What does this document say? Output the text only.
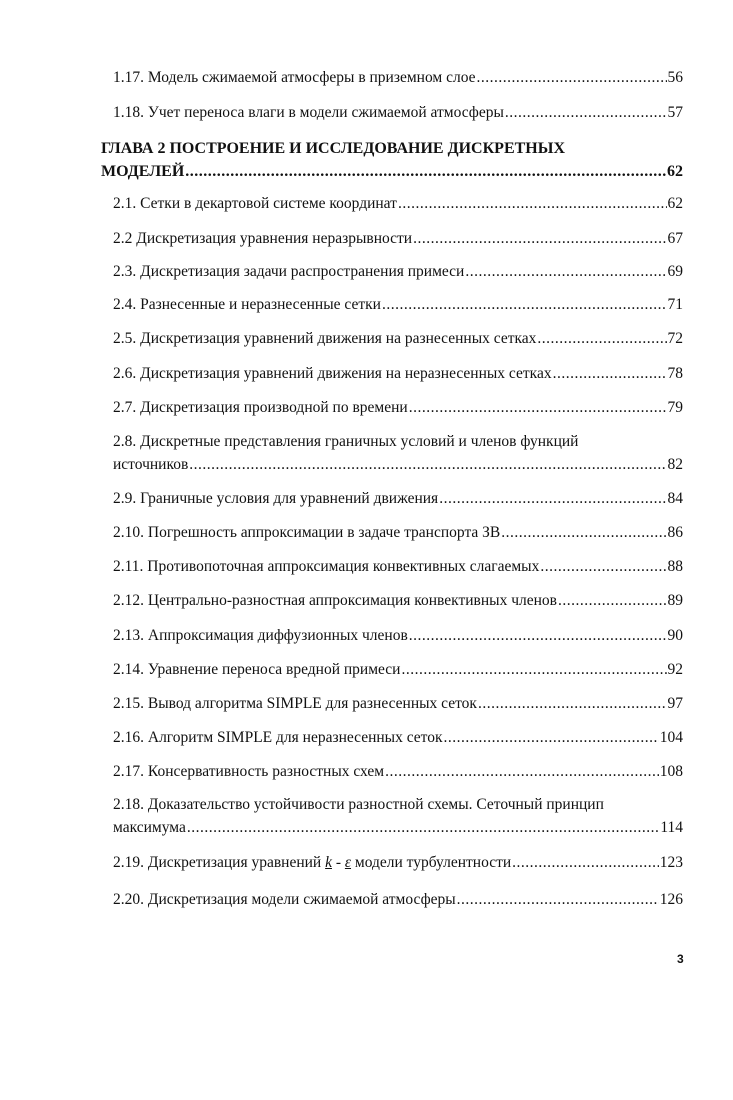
1.17. Модель сжимаемой атмосферы в приземном слое .....	56
1.18. Учет переноса влаги в модели сжимаемой атмосферы .....	57
ГЛАВА 2 ПОСТРОЕНИЕ И ИССЛЕДОВАНИЕ ДИСКРЕТНЫХ
МОДЕЛЕЙ .....	62
2.1. Сетки в декартовой системе координат .....	62
2.2 Дискретизация уравнения неразрывности .....	67
2.3. Дискретизация задачи распространения примеси .....	69
2.4. Разнесенные и неразнесенные сетки .....	71
2.5. Дискретизация уравнений движения на разнесенных сетках .....	72
2.6. Дискретизация уравнений движения на неразнесенных сетках .....	78
2.7. Дискретизация производной по времени .....	79
2.8. Дискретные представления граничных условий и членов функций
источников .....	82
2.9. Граничные условия для уравнений движения .....	84
2.10. Погрешность аппроксимации в задаче транспорта ЗВ .....	86
2.11. Противопоточная аппроксимация конвективных слагаемых .....	88
2.12. Центрально-разностная аппроксимация конвективных членов .....	89
2.13. Аппроксимация диффузионных членов .....	90
2.14. Уравнение переноса вредной примеси .....	92
2.15. Вывод алгоритма SIMPLE для разнесенных сеток .....	97
2.16. Алгоритм SIMPLE для неразнесенных сеток .....	104
2.17. Консервативность разностных схем .....	108
2.18. Доказательство устойчивости разностной схемы. Сеточный принцип
максимума .....	114
2.19. Дискретизация уравнений k - ε модели турбулентности .....	123
2.20. Дискретизация модели сжимаемой атмосферы .....	126
3
